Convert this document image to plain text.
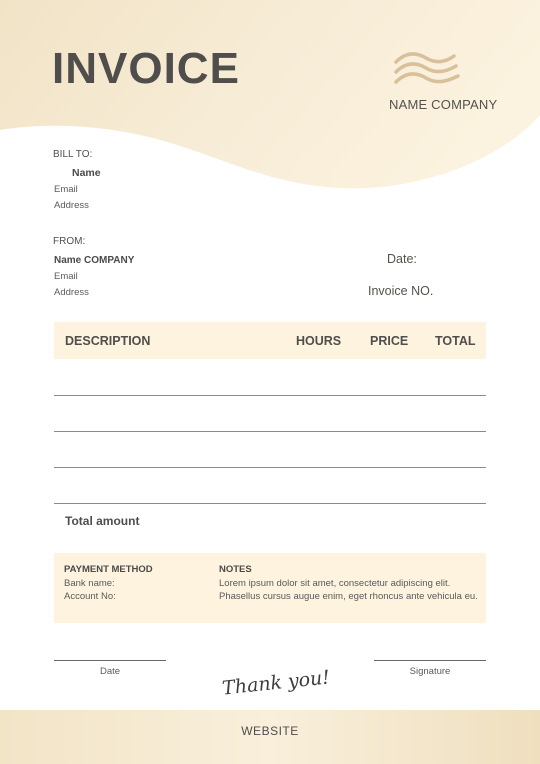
INVOICE
NAME COMPANY
BILL TO:
Name
Email
Address
FROM:
Name COMPANY
Email
Address
Date:
Invoice NO.
DESCRIPTION	HOURS PRICE TOTAL
Total amount
PAYMENT METHOD
Bank name:
Account No:
NOTES
Lorem ipsum dolor sit amet, consectetur adipiscing elit. Phasellus cursus augue enim, eget rhoncus ante vehicula eu.
Date	Signature
Thank you!
WEBSITE
